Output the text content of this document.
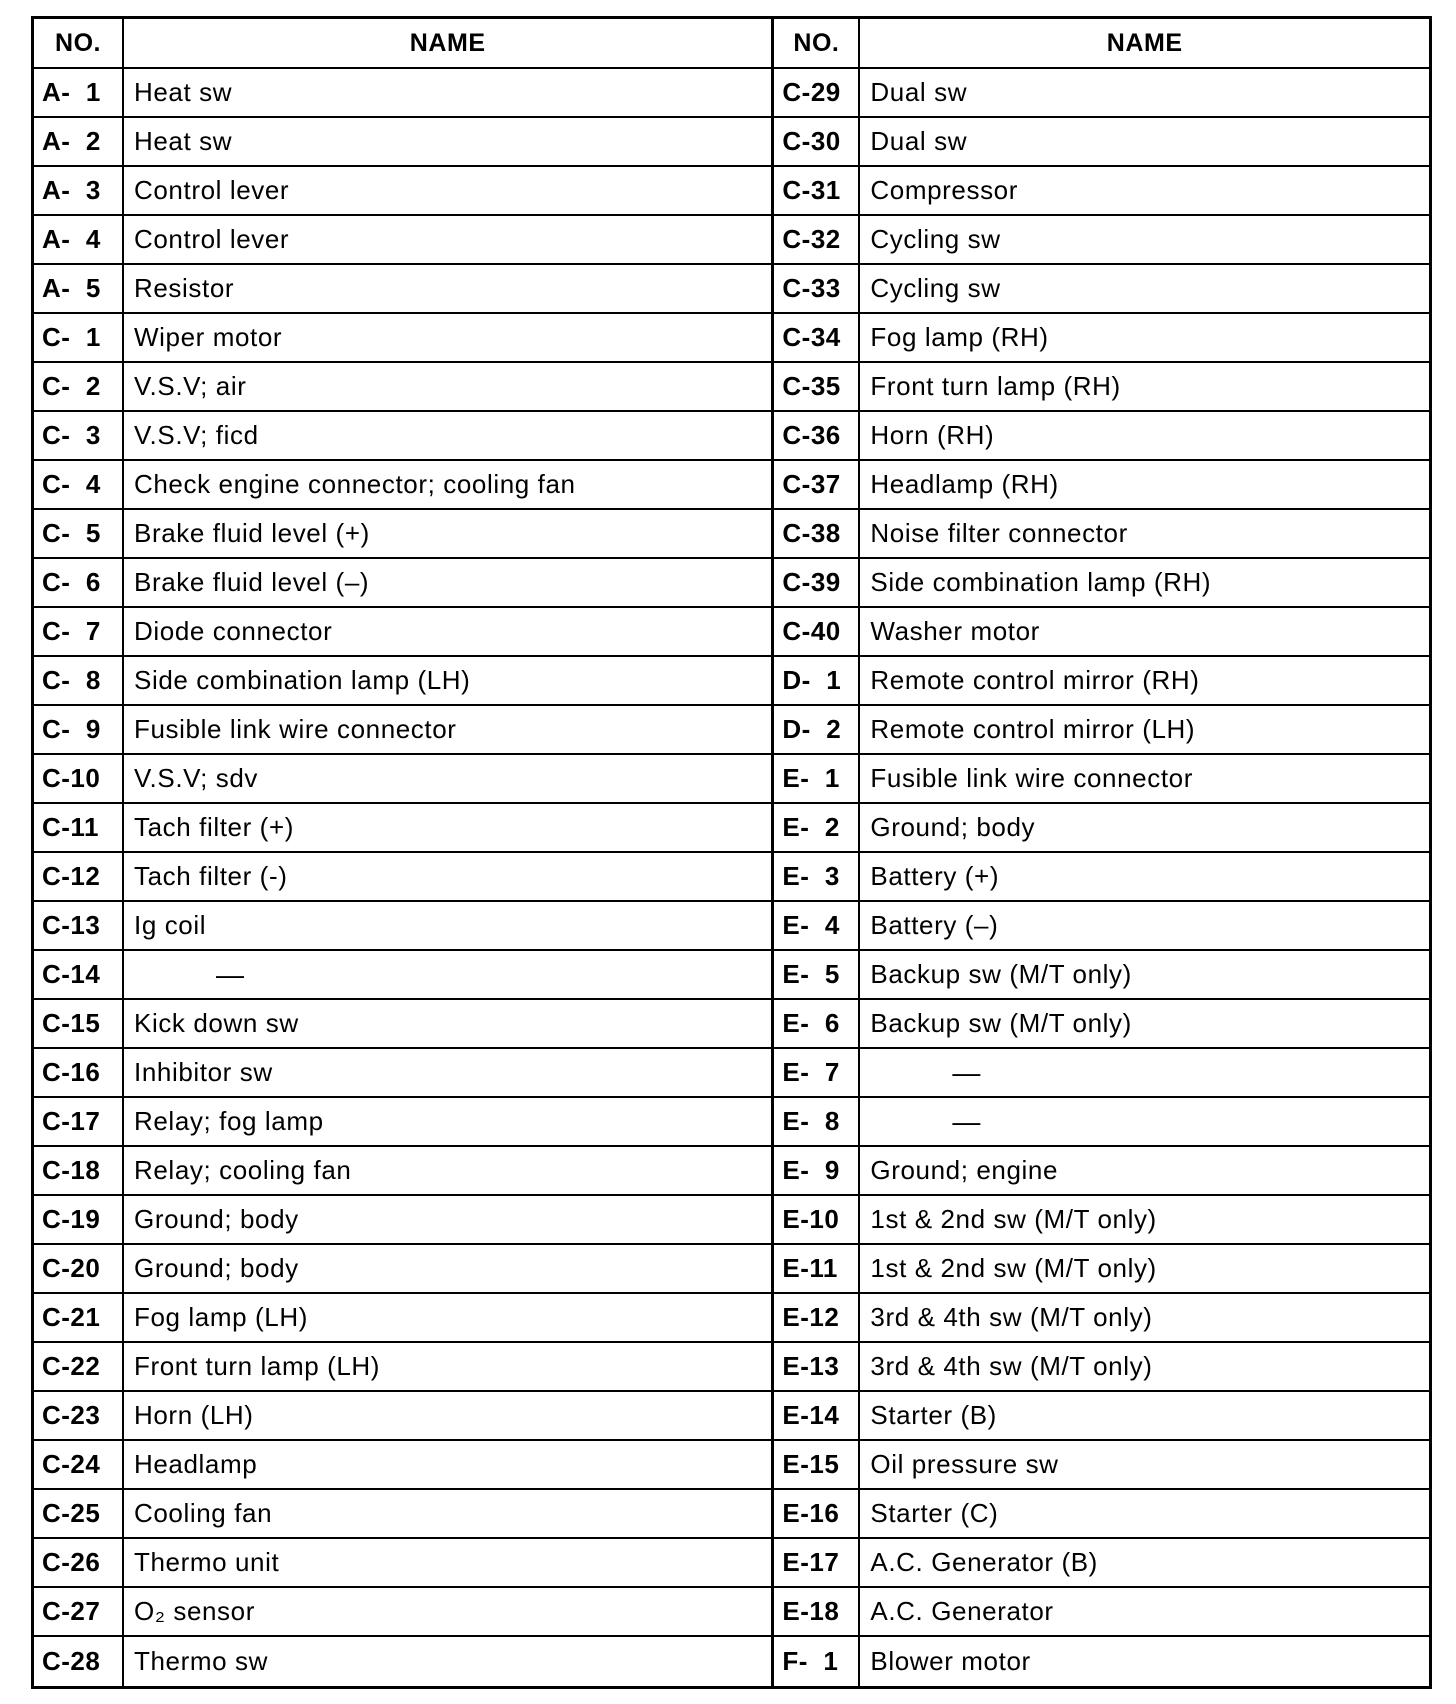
NO.	NAME
A-  1	Heat sw
A-  2	Heat sw
A-  3	Control lever
A-  4	Control lever
A-  5	Resistor
C-  1	Wiper motor
C-  2	V.S.V; air
C-  3	V.S.V; ficd
C-  4	Check engine connector; cooling fan
C-  5	Brake fluid level (+)
C-  6	Brake fluid level (–)
C-  7	Diode connector
C-  8	Side combination lamp (LH)
C-  9	Fusible link wire connector
C-10	V.S.V; sdv
C-11	Tach filter (+)
C-12	Tach filter (-)
C-13	Ig coil
C-14	—
C-15	Kick down sw
C-16	Inhibitor sw
C-17	Relay; fog lamp
C-18	Relay; cooling fan
C-19	Ground; body
C-20	Ground; body
C-21	Fog lamp (LH)
C-22	Front turn lamp (LH)
C-23	Horn (LH)
C-24	Headlamp
C-25	Cooling fan
C-26	Thermo unit
C-27	O₂ sensor
C-28	Thermo sw
NO.	NAME
C-29	Dual sw
C-30	Dual sw
C-31	Compressor
C-32	Cycling sw
C-33	Cycling sw
C-34	Fog lamp (RH)
C-35	Front turn lamp (RH)
C-36	Horn (RH)
C-37	Headlamp (RH)
C-38	Noise filter connector
C-39	Side combination lamp (RH)
C-40	Washer motor
D-  1	Remote control mirror (RH)
D-  2	Remote control mirror (LH)
E-  1	Fusible link wire connector
E-  2	Ground; body
E-  3	Battery (+)
E-  4	Battery (–)
E-  5	Backup sw (M/T only)
E-  6	Backup sw (M/T only)
E-  7	—
E-  8	—
E-  9	Ground; engine
E-10	1st & 2nd sw (M/T only)
E-11	1st & 2nd sw (M/T only)
E-12	3rd & 4th sw (M/T only)
E-13	3rd & 4th sw (M/T only)
E-14	Starter (B)
E-15	Oil pressure sw
E-16	Starter (C)
E-17	A.C. Generator (B)
E-18	A.C. Generator
F-  1	Blower motor
